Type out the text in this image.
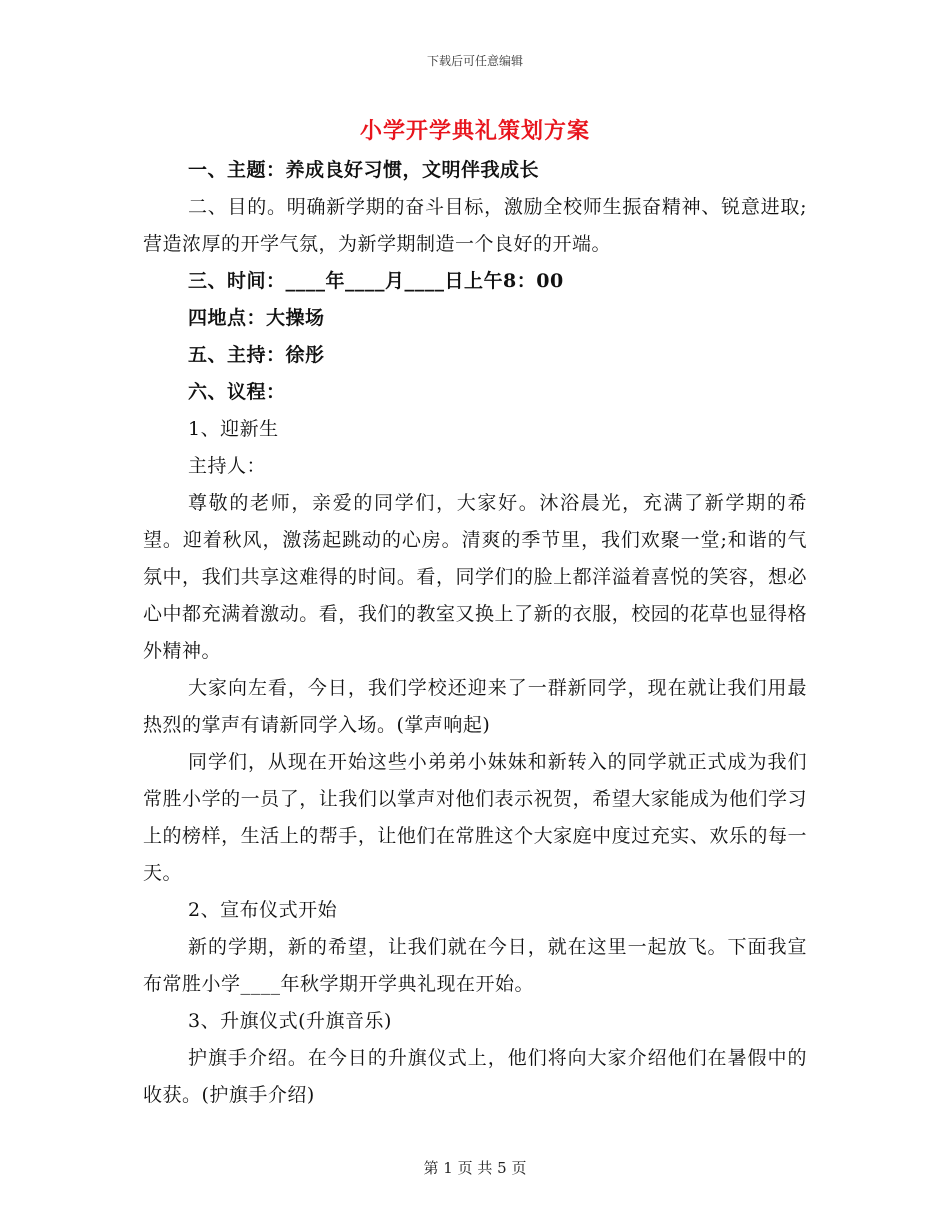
下载后可任意编辑
小学开学典礼策划方案

一、主题：养成良好习惯，文明伴我成长

二、目的。明确新学期的奋斗目标，激励全校师生振奋精神、锐意进取;营造浓厚的开学气氛，为新学期制造一个良好的开端。

三、时间：____年____月____日上午8：00

四地点：大操场

五、主持：徐彤

六、议程：

1、迎新生

主持人：

尊敬的老师，亲爱的同学们，大家好。沐浴晨光，充满了新学期的希望。迎着秋风，激荡起跳动的心房。清爽的季节里，我们欢聚一堂;和谐的气氛中，我们共享这难得的时间。看，同学们的脸上都洋溢着喜悦的笑容，想必心中都充满着激动。看，我们的教室又换上了新的衣服，校园的花草也显得格外精神。

大家向左看，今日，我们学校还迎来了一群新同学，现在就让我们用最热烈的掌声有请新同学入场。(掌声响起)

同学们，从现在开始这些小弟弟小妹妹和新转入的同学就正式成为我们常胜小学的一员了，让我们以掌声对他们表示祝贺，希望大家能成为他们学习上的榜样，生活上的帮手，让他们在常胜这个大家庭中度过充实、欢乐的每一天。

2、宣布仪式开始

新的学期，新的希望，让我们就在今日，就在这里一起放飞。下面我宣布常胜小学____年秋学期开学典礼现在开始。

3、升旗仪式(升旗音乐)

护旗手介绍。在今日的升旗仪式上，他们将向大家介绍他们在暑假中的收获。(护旗手介绍)

第 1 页 共 5 页
